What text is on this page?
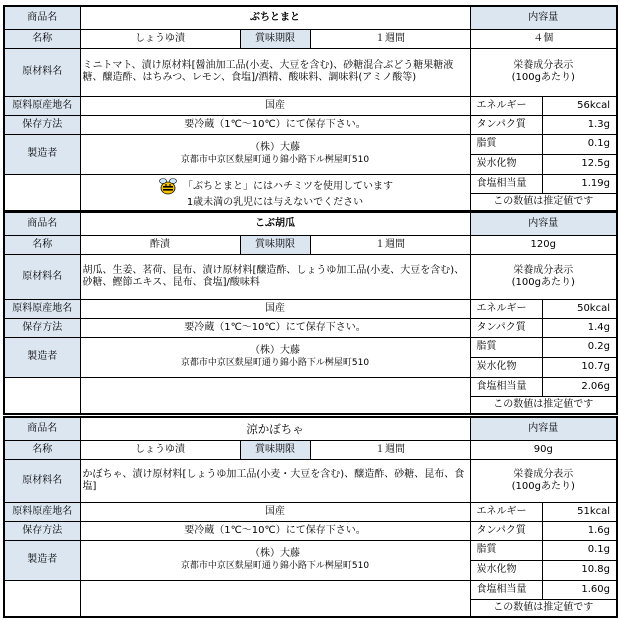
商品名	ぶちとまと			内容量	
名称	しょうゆ漬	賞味期限	１週間	４個	
原材料名	ミニトマト、漬け原材料[醤油加工品(小麦、大豆を含む)、砂糖混合ぶどう糖果糖液糖、醸造酢、はちみつ、レモン、食塩]/酒精、酸味料、調味料(アミノ酸等)			栄養成分表示
(100gあたり)	
原料原産地名	国産			エネルギー	56kcal
保存方法	要冷蔵（1℃〜10℃）にて保存下さい。			タンパク質	1.3g
製造者	（株）大藤
京都市中京区麩屋町通り錦小路下ル桝屋町510			脂質	0.1g
				炭水化物	12.5g
	「ぶちとまと」にはハチミツを使用しています
1歳未満の乳児には与えないでください			食塩相当量	1.19g
				この数値は推定値です	
商品名	こぶ胡瓜			内容量	
名称	酢漬	賞味期限	１週間	120g	
原材料名	胡瓜、生姜、茗荷、昆布、漬け原材料[醸造酢、しょうゆ加工品(小麦、大豆を含む)、砂糖、鰹節エキス、昆布、食塩]/酸味料			栄養成分表示
(100gあたり)	
原料原産地名	国産			エネルギー	50kcal
保存方法	要冷蔵（1℃〜10℃）にて保存下さい。			タンパク質	1.4g
製造者	（株）大藤
京都市中京区麩屋町通り錦小路下ル桝屋町510			脂質	0.2g
				炭水化物	10.7g
				食塩相当量	2.06g
				この数値は推定値です	
商品名	涼かぼちゃ			内容量	
名称	しょうゆ漬	賞味期限	１週間	90g	
原材料名	かぼちゃ、漬け原材料[しょうゆ加工品(小麦・大豆を含む)、醸造酢、砂糖、昆布、食塩]			栄養成分表示
(100gあたり)	
原料原産地名	国産			エネルギー	51kcal
保存方法	要冷蔵（1℃〜10℃）にて保存下さい。			タンパク質	1.6g
製造者	（株）大藤
京都市中京区麩屋町通り錦小路下ル桝屋町510			脂質	0.1g
				炭水化物	10.8g
				食塩相当量	1.60g
				この数値は推定値です	
